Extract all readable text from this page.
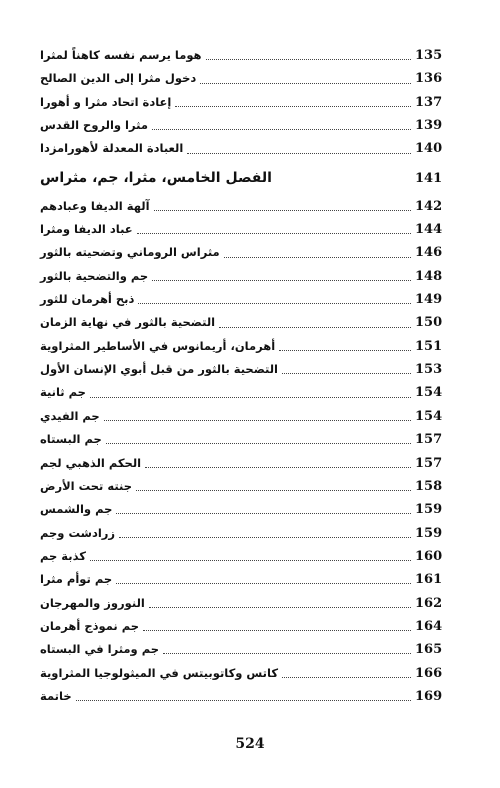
هوما يرسم نفسه كاهناً لمثرا	135
دخول مثرا إلى الدين الصالح	136
إعادة اتحاد مثرا و أهورا	137
مثرا والروح القدس	139
العبادة المعدلة لأهورامزدا	140
الفصل الخامس، مثرا، جم، مثراس	141
آلهة الديفا وعبادهم	142
عباد الديفا ومثرا	144
مثراس الروماني وتضحيته بالثور	146
جم والتضحية بالثور	148
ذبح أهرمان للثور	149
التضحية بالثور في نهاية الزمان	150
أهرمان، أريمانوس في الأساطير المثراوية	151
التضحية بالثور من قبل أبوي الإنسان الأول	153
جم ثانية	154
جم الفيدي	154
جم البستاه	157
الحكم الذهبي لجم	157
جنته تحت الأرض	158
جم والشمس	159
زرادشت وجم	159
كذبة جم	160
جم توأم مثرا	161
النوروز والمهرجان	162
جم نموذج أهرمان	164
جم ومثرا في البستاه	165
كاتس وكاتوبيتس في الميثولوجيا المثراوية	166
خاتمة	169
524
